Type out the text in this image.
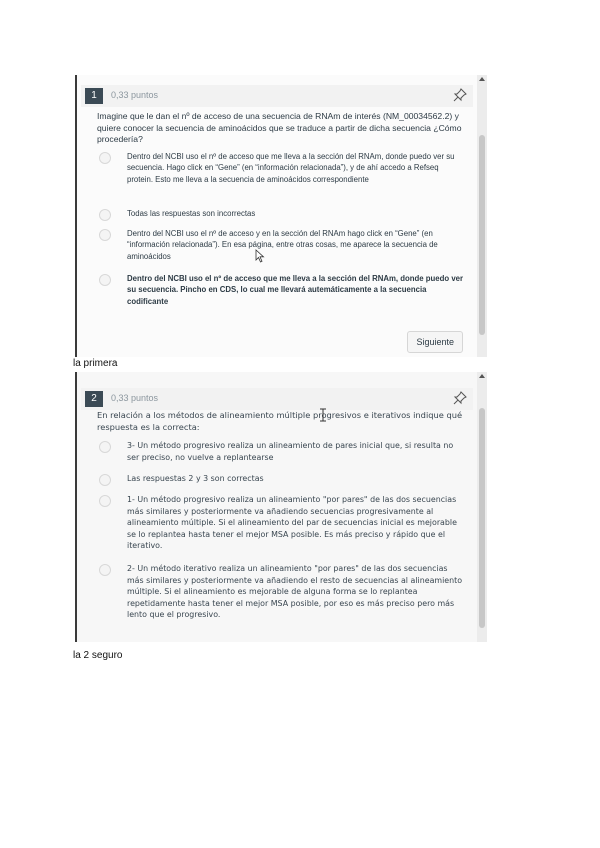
1	0,33 puntos
Imagine que le dan el nº de acceso de una secuencia de RNAm de interés (NM_00034562.2) y quiere conocer la secuencia de aminoácidos que se traduce a partir de dicha secuencia ¿Cómo procedería?
Dentro del NCBI uso el nº de acceso que me lleva a la sección del RNAm, donde puedo ver su secuencia. Hago click en “Gene” (en “información relacionada”), y de ahí accedo a Refseq protein. Esto me lleva a la secuencia de aminoácidos correspondiente
Todas las respuestas son incorrectas
Dentro del NCBI uso el nº de acceso y en la sección del RNAm hago click en “Gene” (en “información relacionada”). En esa página, entre otras cosas, me aparece la secuencia de aminoácidos
Dentro del NCBI uso el nº de acceso que me lleva a la sección del RNAm, donde puedo ver su secuencia. Pincho en CDS, lo cual me llevará autemáticamente a la secuencia codificante
Siguiente
la primera
2	0,33 puntos
En relación a los métodos de alineamiento múltiple progresivos e iterativos indique qué respuesta es la correcta:
3- Un método progresivo realiza un alineamiento de pares inicial que, si resulta no ser preciso, no vuelve a replantearse
Las respuestas 2 y 3 son correctas
1- Un método progresivo realiza un alineamiento "por pares" de las dos secuencias más similares y posteriormente va añadiendo secuencias progresivamente al alineamiento múltiple. Si el alineamiento del par de secuencias inicial es mejorable se lo replantea hasta tener el mejor MSA posible. Es más preciso y rápido que el iterativo.
2- Un método iterativo realiza un alineamiento "por pares" de las dos secuencias más similares y posteriormente va añadiendo el resto de secuencias al alineamiento múltiple. Si el alineamiento es mejorable de alguna forma se lo replantea repetidamente hasta tener el mejor MSA posible, por eso es más preciso pero más lento que el progresivo.
la 2 seguro
